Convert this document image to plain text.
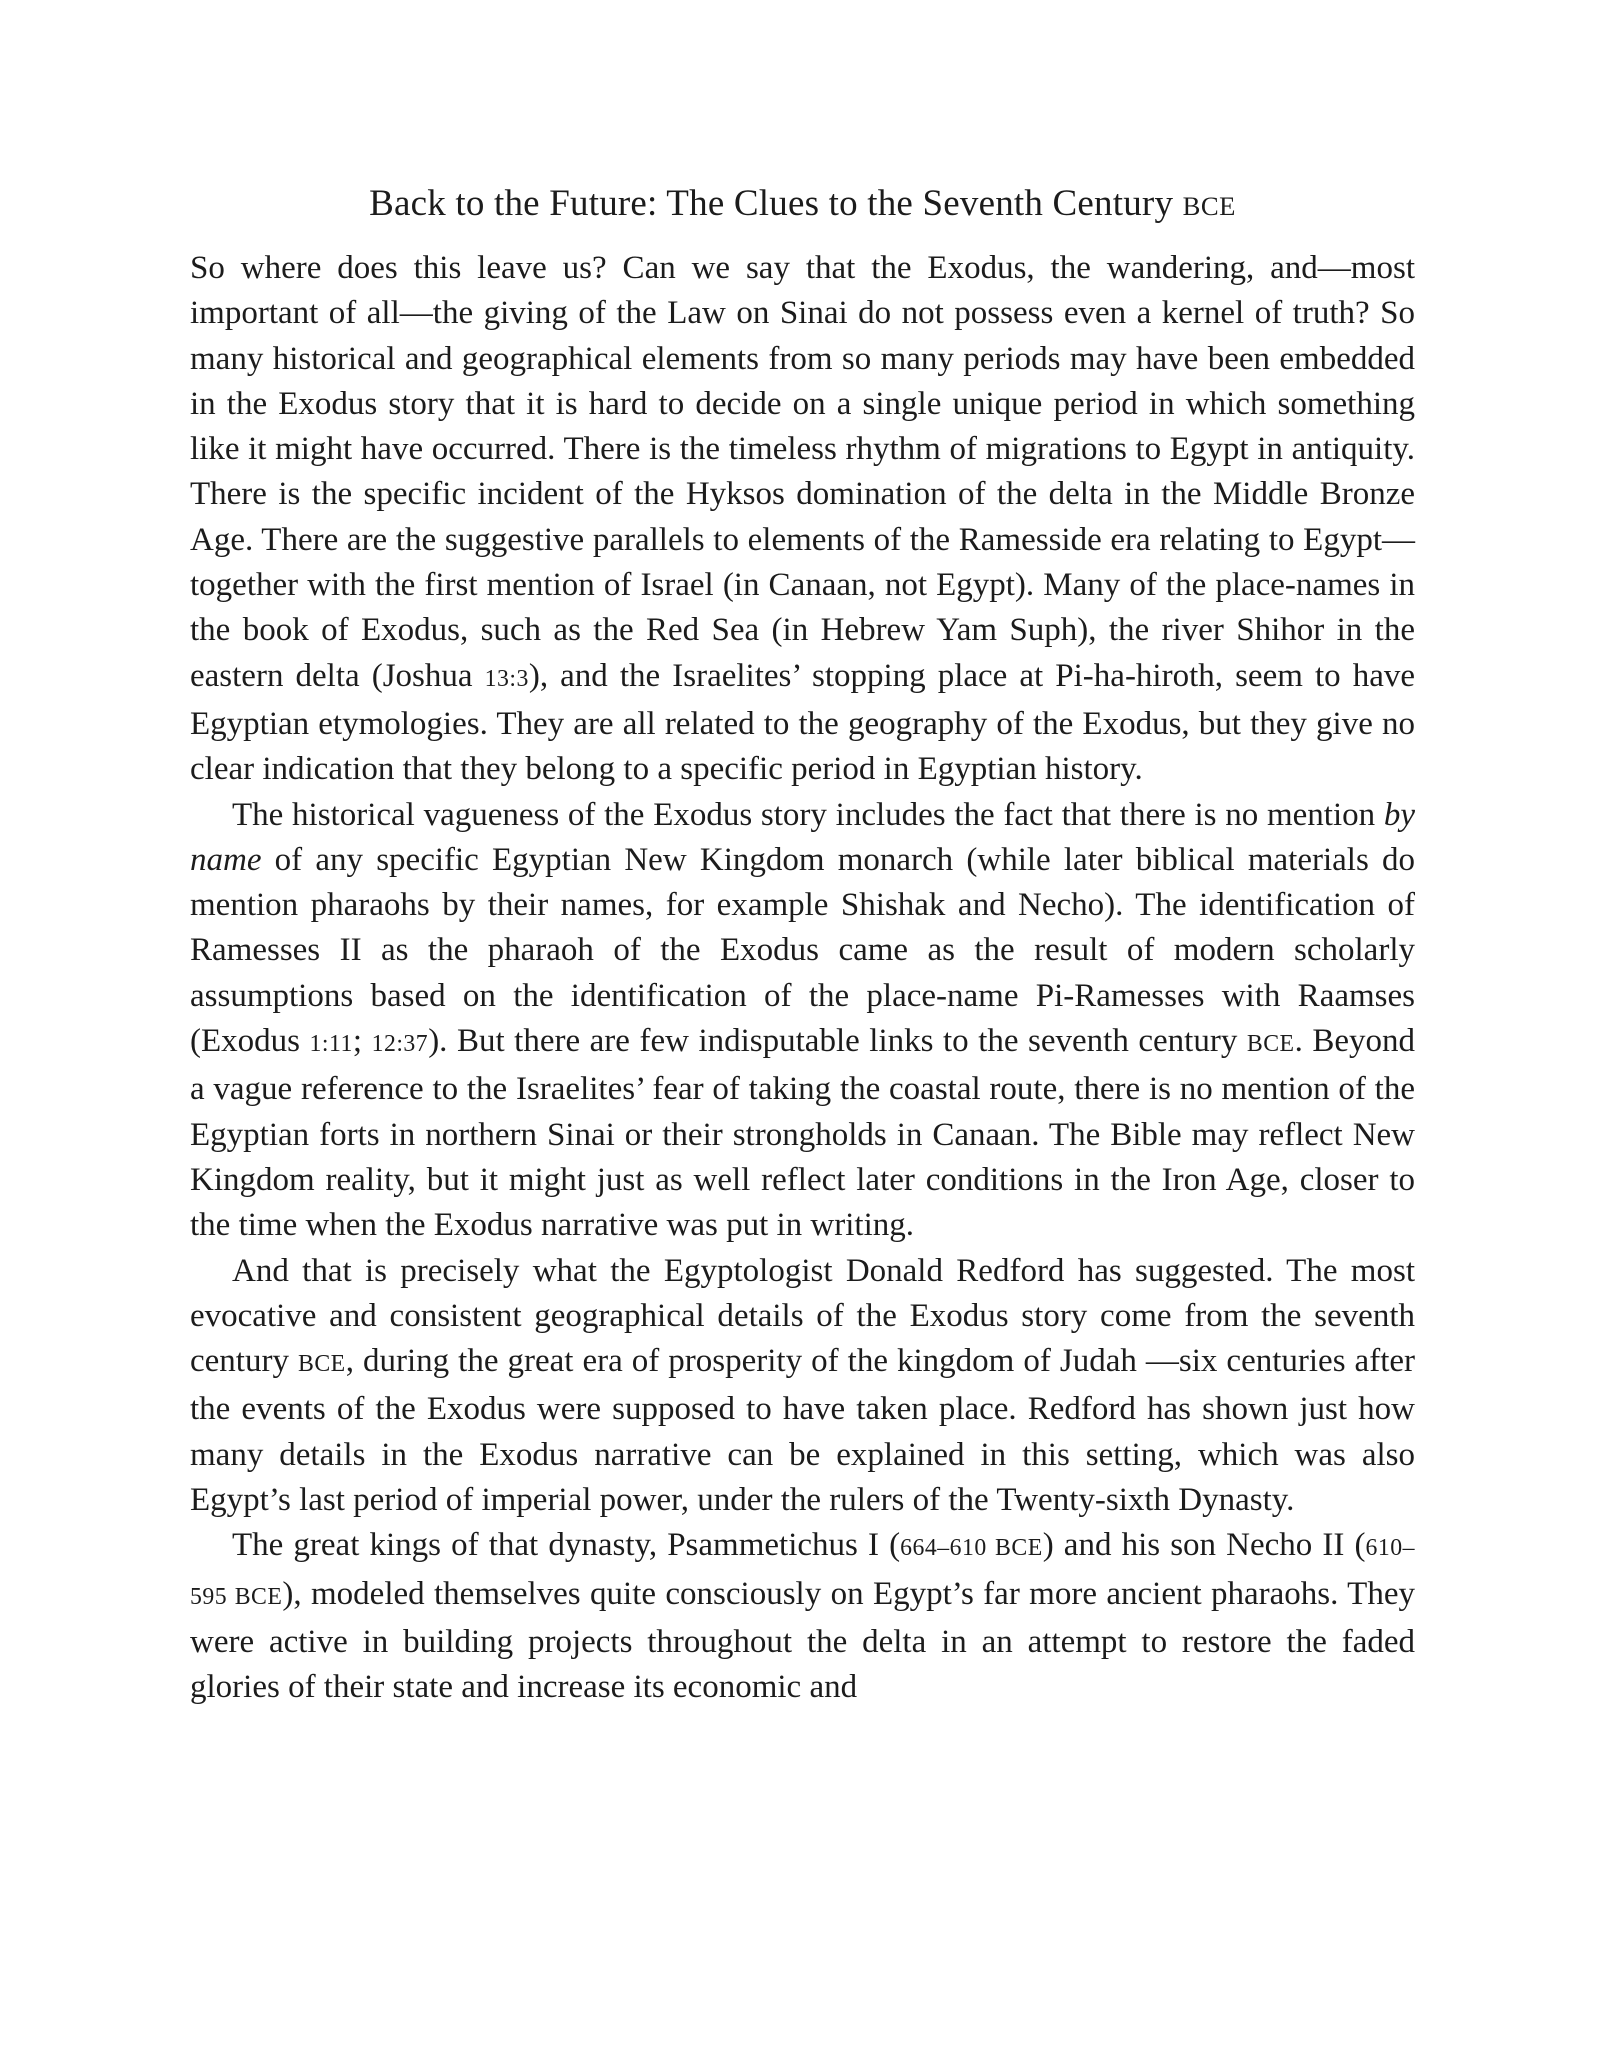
Back to the Future: The Clues to the Seventh Century BCE

So where does this leave us? Can we say that the Exodus, the wandering, and—most important of all—the giving of the Law on Sinai do not possess even a kernel of truth? So many historical and geographical elements from so many periods may have been embedded in the Exodus story that it is hard to decide on a single unique period in which something like it might have occurred. There is the timeless rhythm of migrations to Egypt in antiquity. There is the specific incident of the Hyksos domination of the delta in the Middle Bronze Age. There are the suggestive parallels to elements of the Ramesside era relating to Egypt—together with the first mention of Israel (in Canaan, not Egypt). Many of the place-names in the book of Exodus, such as the Red Sea (in Hebrew Yam Suph), the river Shihor in the eastern delta (Joshua 13:3), and the Israelites’ stopping place at Pi-ha-hiroth, seem to have Egyptian etymologies. They are all related to the geography of the Exodus, but they give no clear indication that they belong to a specific period in Egyptian history.

The historical vagueness of the Exodus story includes the fact that there is no mention by name of any specific Egyptian New Kingdom monarch (while later biblical materials do mention pharaohs by their names, for example Shishak and Necho). The identification of Ramesses II as the pharaoh of the Exodus came as the result of modern scholarly assumptions based on the identification of the place-name Pi-Ramesses with Raamses (Exodus 1:11; 12:37). But there are few indisputable links to the seventh century BCE. Beyond a vague reference to the Israelites’ fear of taking the coastal route, there is no mention of the Egyptian forts in northern Sinai or their strongholds in Canaan. The Bible may reflect New Kingdom reality, but it might just as well reflect later conditions in the Iron Age, closer to the time when the Exodus narrative was put in writing.

And that is precisely what the Egyptologist Donald Redford has suggested. The most evocative and consistent geographical details of the Exodus story come from the seventh century BCE, during the great era of prosperity of the kingdom of Judah —six centuries after the events of the Exodus were supposed to have taken place. Redford has shown just how many details in the Exodus narrative can be explained in this setting, which was also Egypt’s last period of imperial power, under the rulers of the Twenty-sixth Dynasty.

The great kings of that dynasty, Psammetichus I (664–610 BCE) and his son Necho II (610–595 BCE), modeled themselves quite consciously on Egypt’s far more ancient pharaohs. They were active in building projects throughout the delta in an attempt to restore the faded glories of their state and increase its economic and
